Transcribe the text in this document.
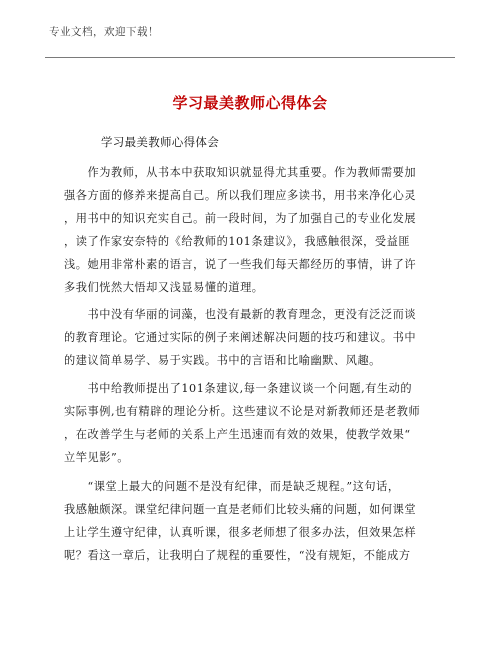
专业文档，欢迎下载！
学习最美教师心得体会
学习最美教师心得体会
　　作为教师，从书本中获取知识就显得尤其重要。作为教师需要加
强各方面的修养来提高自己。所以我们理应多读书，用书来净化心灵
，用书中的知识充实自己。前一段时间，为了加强自己的专业化发展
，读了作家安奈特的《给教师的101条建议》，我感触很深，受益匪
浅。她用非常朴素的语言，说了一些我们每天都经历的事情，讲了许
多我们恍然大悟却又浅显易懂的道理。
　　书中没有华丽的词藻，也没有最新的教育理念，更没有泛泛而谈
的教育理论。它通过实际的例子来阐述解决问题的技巧和建议。书中
的建议简单易学、易于实践。书中的言语和比喻幽默、风趣。
　　书中给教师提出了101条建议,每一条建议谈一个问题,有生动的
实际事例,也有精辟的理论分析。这些建议不论是对新教师还是老教师
，在改善学生与老师的关系上产生迅速而有效的效果，使教学效果“
立竿见影”。
　　“课堂上最大的问题不是没有纪律，而是缺乏规程。”这句话，
我感触颇深。课堂纪律问题一直是老师们比较头痛的问题，如何课堂
上让学生遵守纪律，认真听课，很多老师想了很多办法，但效果怎样
呢？看这一章后，让我明白了规程的重要性，“没有规矩，不能成方
